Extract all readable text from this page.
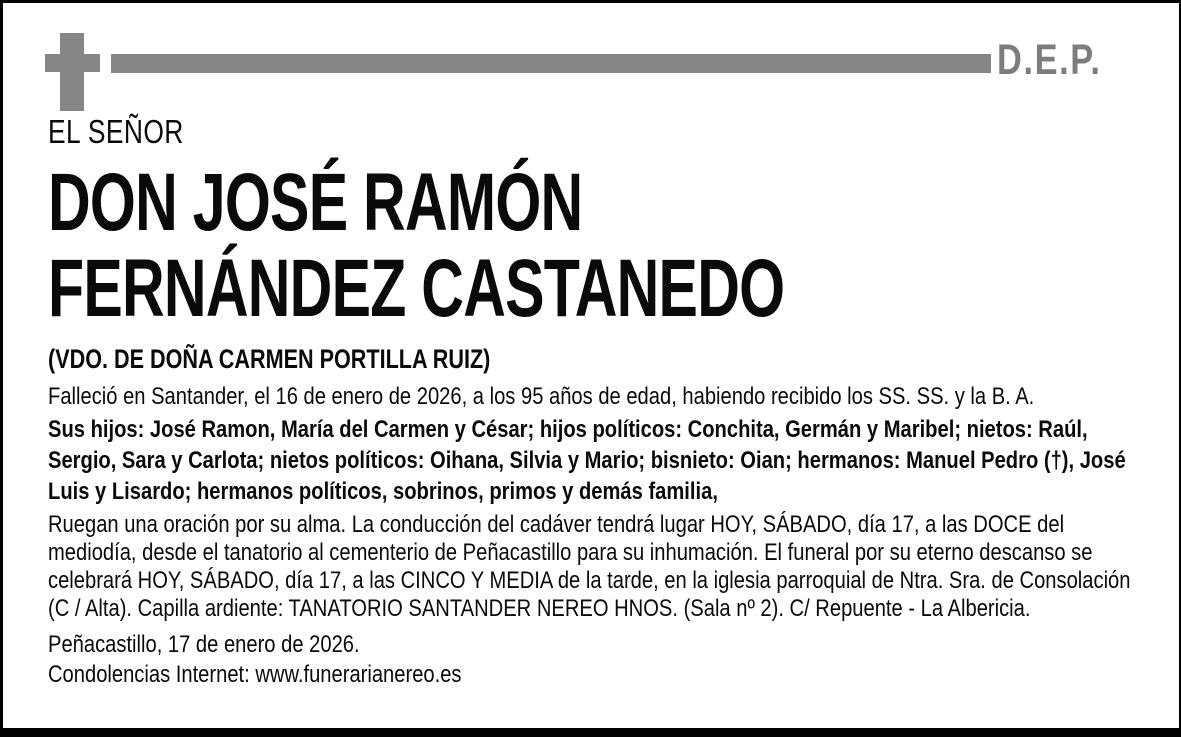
D.E.P.
EL SEÑOR
DON JOSÉ RAMÓN
FERNÁNDEZ CASTANEDO
(VDO. DE DOÑA CARMEN PORTILLA RUIZ)
Falleció en Santander, el 16 de enero de 2026, a los 95 años de edad, habiendo recibido los SS. SS. y la B. A.
Sus hijos: José Ramon, María del Carmen y César; hijos políticos: Conchita, Germán y Maribel; nietos: Raúl, Sergio, Sara y Carlota; nietos políticos: Oihana, Silvia y Mario; bisnieto: Oian; hermanos: Manuel Pedro (†), José Luis y Lisardo; hermanos políticos, sobrinos, primos y demás familia,
Ruegan una oración por su alma. La conducción del cadáver tendrá lugar HOY, SÁBADO, día 17, a las DOCE del mediodía, desde el tanatorio al cementerio de Peñacastillo para su inhumación. El funeral por su eterno descanso se celebrará HOY, SÁBADO, día 17, a las CINCO Y MEDIA de la tarde, en la iglesia parroquial de Ntra. Sra. de Consolación (C / Alta). Capilla ardiente: TANATORIO SANTANDER NEREO HNOS. (Sala nº 2). C/ Repuente - La Albericia.
Peñacastillo, 17 de enero de 2026.
Condolencias Internet: www.funerarianereo.es
